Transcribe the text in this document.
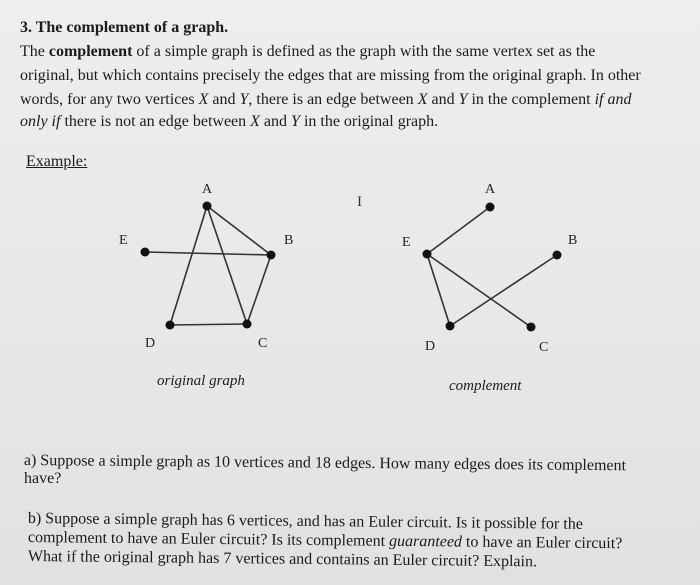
3. The complement of a graph.
The complement of a simple graph is defined as the graph with the same vertex set as the
original, but which contains precisely the edges that are missing from the original graph. In other
words, for any two vertices X and Y, there is an edge between X and Y in the complement if and
only if there is not an edge between X and Y in the original graph.
Example:
A
B
C
D
E
A
B
C
D
E
I
original graph	complement
a) Suppose a simple graph as 10 vertices and 18 edges. How many edges does its complement
have?
b) Suppose a simple graph has 6 vertices, and has an Euler circuit. Is it possible for the
complement to have an Euler circuit? Is its complement guaranteed to have an Euler circuit?
What if the original graph has 7 vertices and contains an Euler circuit? Explain.
